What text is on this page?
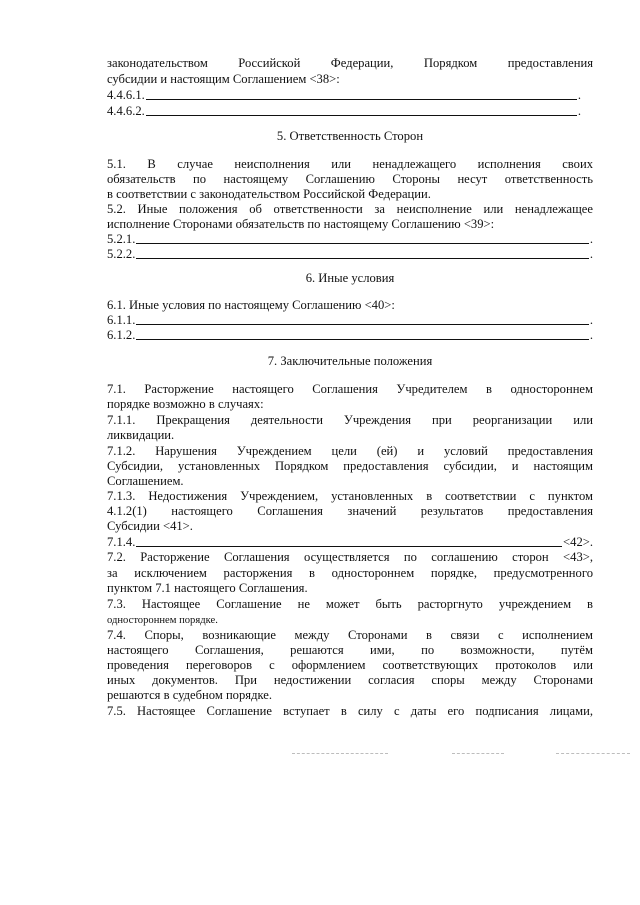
законодательством Российской Федерации, Порядком предоставления
субсидии и настоящим Соглашением <38>:
4.4.6.1.	.
4.4.6.2.	.
5. Ответственность Сторон
5.1. В случае неисполнения или ненадлежащего исполнения своих
обязательств по настоящему Соглашению Стороны несут ответственность
в соответствии с законодательством Российской Федерации.
5.2. Иные положения об ответственности за неисполнение или ненадлежащее
исполнение Сторонами обязательств по настоящему Соглашению <39>:
5.2.1.	.
5.2.2.	.
6. Иные условия
6.1. Иные условия по настоящему Соглашению <40>:
6.1.1.	.
6.1.2.	.
7. Заключительные положения
7.1. Расторжение настоящего Соглашения Учредителем в одностороннем
порядке возможно в случаях:
7.1.1. Прекращения деятельности Учреждения при реорганизации или
ликвидации.
7.1.2. Нарушения Учреждением цели (ей) и условий предоставления
Субсидии, установленных Порядком предоставления субсидии, и настоящим
Соглашением.
7.1.3. Недостижения Учреждением, установленных в соответствии с пунктом
4.1.2(1) настоящего Соглашения значений результатов предоставления
Субсидии <41>.
7.1.4.	<42>.
7.2. Расторжение Соглашения осуществляется по соглашению сторон <43>,
за исключением расторжения в одностороннем порядке, предусмотренного
пунктом 7.1 настоящего Соглашения.
7.3. Настоящее Соглашение не может быть расторгнуто учреждением в
одностороннем порядке.
7.4. Споры, возникающие между Сторонами в связи с исполнением
настоящего Соглашения, решаются ими, по возможности, путём
проведения переговоров с оформлением соответствующих протоколов или
иных документов. При недостижении согласия споры между Сторонами
решаются в судебном порядке.
7.5. Настоящее Соглашение вступает в силу с даты его подписания лицами,
